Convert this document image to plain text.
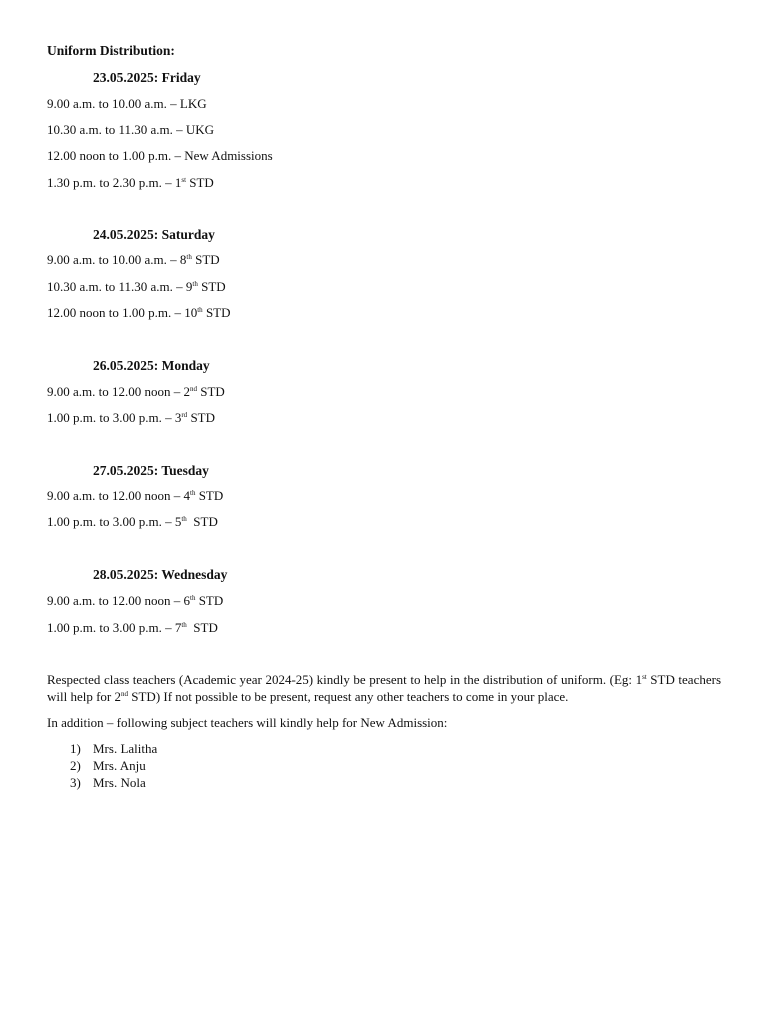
Uniform Distribution:
23.05.2025: Friday
9.00 a.m. to 10.00 a.m. – LKG
10.30 a.m. to 11.30 a.m. – UKG
12.00 noon to 1.00 p.m. – New Admissions
1.30 p.m. to 2.30 p.m. – 1st STD
24.05.2025: Saturday
9.00 a.m. to 10.00 a.m. – 8th STD
10.30 a.m. to 11.30 a.m. – 9th STD
12.00 noon to 1.00 p.m. – 10th STD
26.05.2025: Monday
9.00 a.m. to 12.00 noon – 2nd STD
1.00 p.m. to 3.00 p.m. – 3rd STD
27.05.2025: Tuesday
9.00 a.m. to 12.00 noon – 4th STD
1.00 p.m. to 3.00 p.m. – 5th  STD
28.05.2025: Wednesday
9.00 a.m. to 12.00 noon – 6th STD
1.00 p.m. to 3.00 p.m. – 7th  STD
Respected class teachers (Academic year 2024-25) kindly be present to help in the distribution of uniform. (Eg: 1st STD teachers will help for 2nd STD) If not possible to be present, request any other teachers to come in your place.
In addition – following subject teachers will kindly help for New Admission:
1) Mrs. Lalitha
2) Mrs. Anju
3) Mrs. Nola
